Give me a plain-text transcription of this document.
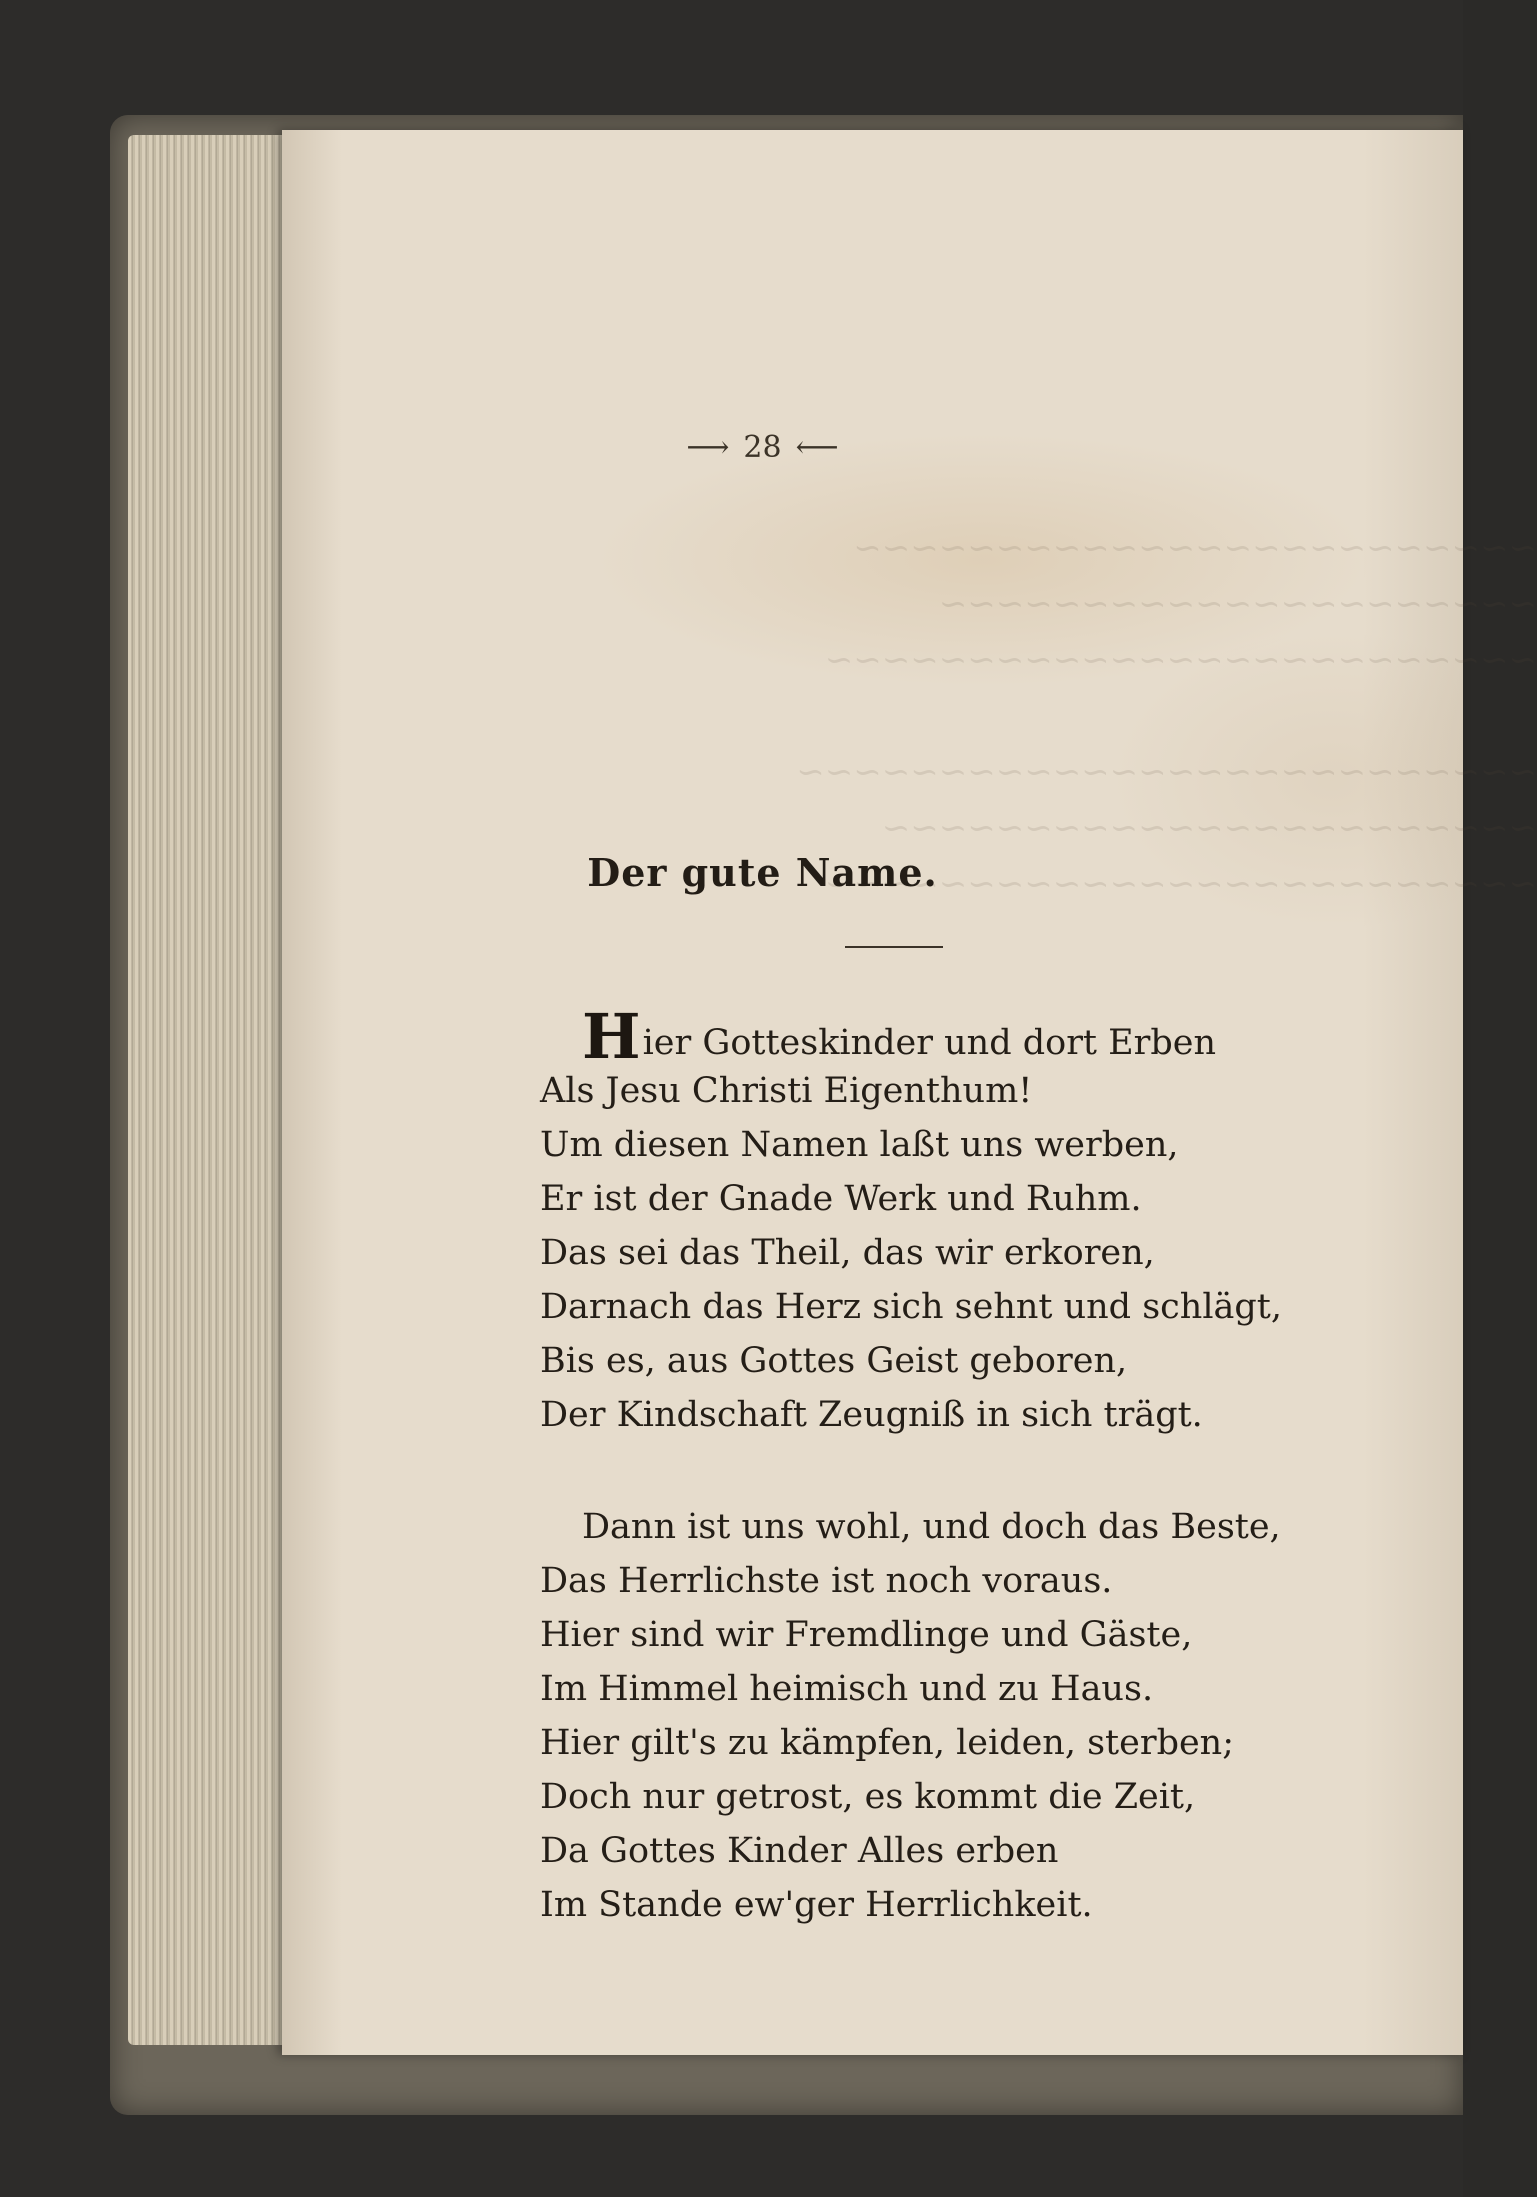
~~~~~~~~~~~~~~~~~~~~~~~~
~~~~~~~~~~~~~~~~~~~~~
~~~~~~~~~~~~~~~~~~~~~~~~~

~~~~~~~~~~~~~~~~~~~~~~~~~~
~~~~~~~~~~~~~~~~~~~~~~~
~~~~~~~~~~~~~~~~~~~~~~~~~
⟶ 28 ⟵
Der gute Name.
Hier Gotteskinder und dort Erben
Als Jesu Christi Eigenthum!
Um diesen Namen laßt uns werben,
Er ist der Gnade Werk und Ruhm.
Das sei das Theil, das wir erkoren,
Darnach das Herz sich sehnt und schlägt,
Bis es, aus Gottes Geist geboren,
Der Kindschaft Zeugniß in sich trägt.
Dann ist uns wohl, und doch das Beste,
Das Herrlichste ist noch voraus.
Hier sind wir Fremdlinge und Gäste,
Im Himmel heimisch und zu Haus.
Hier gilt's zu kämpfen, leiden, sterben;
Doch nur getrost, es kommt die Zeit,
Da Gottes Kinder Alles erben
Im Stande ew'ger Herrlichkeit.
